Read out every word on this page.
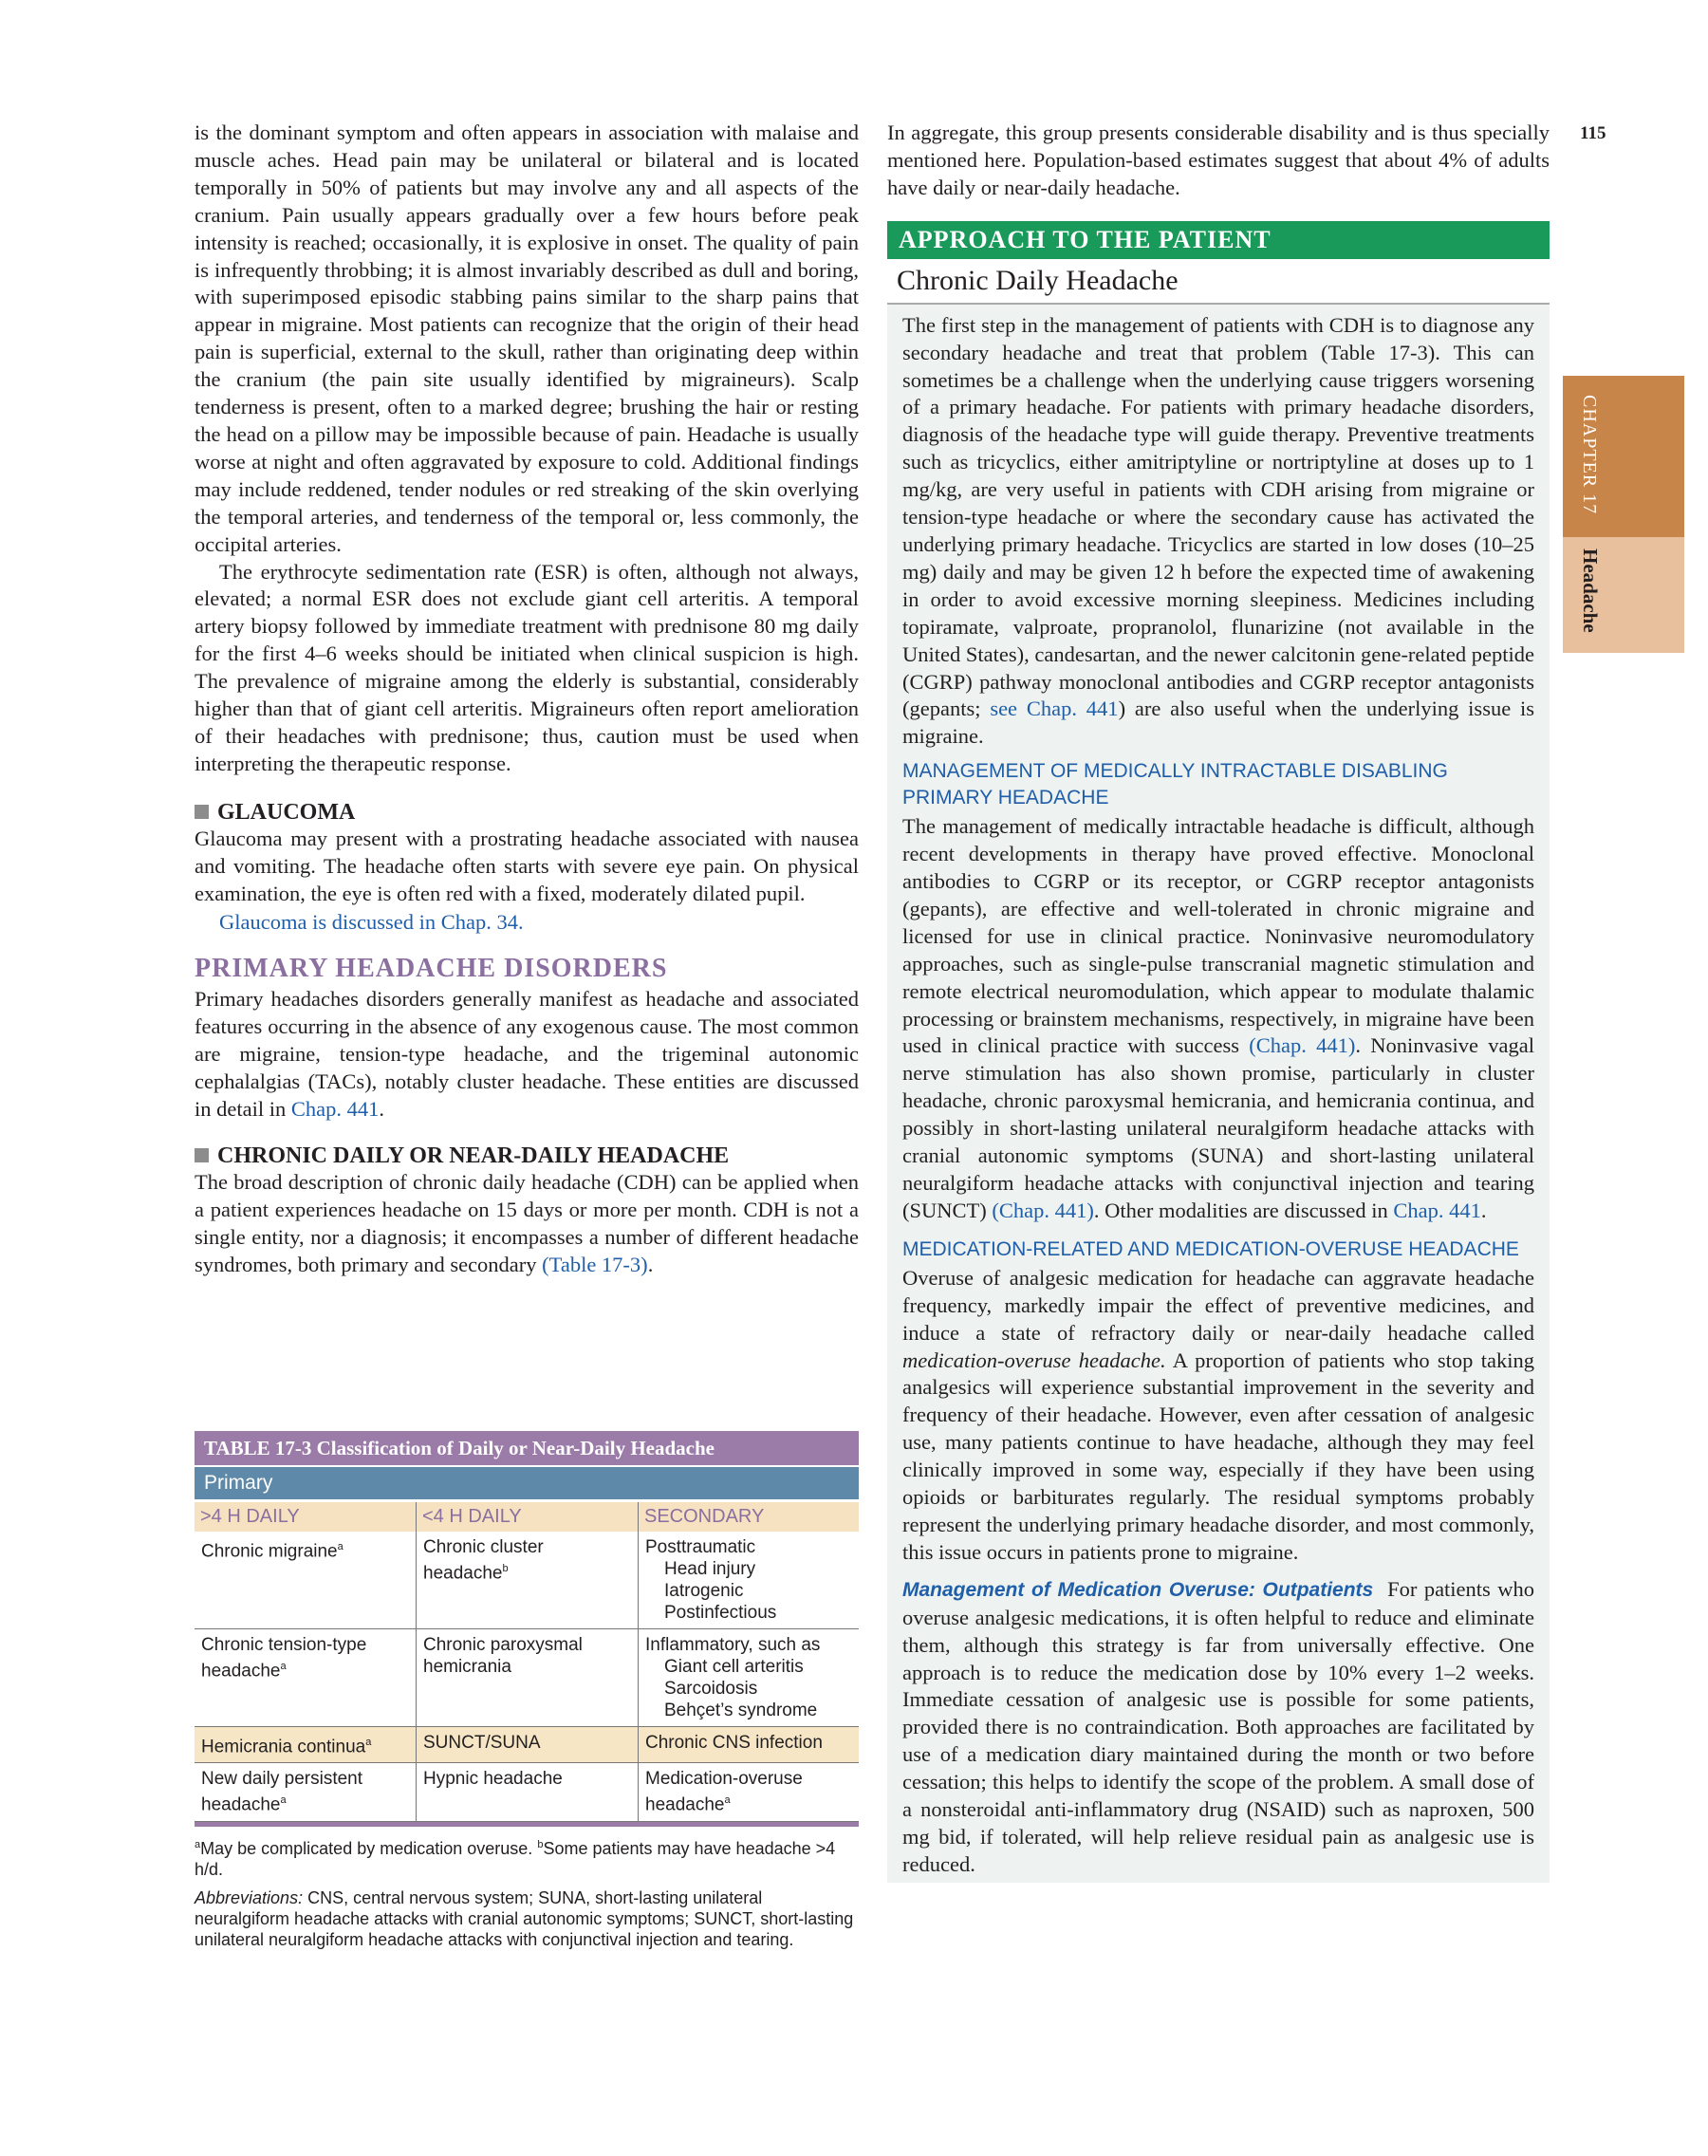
115
CHAPTER 17
Headache

is the dominant symptom and often appears in association with malaise and muscle aches. Head pain may be unilateral or bilateral and is located temporally in 50% of patients but may involve any and all aspects of the cranium. Pain usually appears gradually over a few hours before peak intensity is reached; occasionally, it is explosive in onset. The quality of pain is infrequently throbbing; it is almost invariably described as dull and boring, with superimposed episodic stabbing pains similar to the sharp pains that appear in migraine. Most patients can recognize that the origin of their head pain is superficial, external to the skull, rather than originating deep within the cranium (the pain site usually identified by migraineurs). Scalp tenderness is present, often to a marked degree; brushing the hair or resting the head on a pillow may be impossible because of pain. Headache is usually worse at night and often aggravated by exposure to cold. Additional findings may include reddened, tender nodules or red streaking of the skin overlying the temporal arteries, and tenderness of the temporal or, less commonly, the occipital arteries.

The erythrocyte sedimentation rate (ESR) is often, although not always, elevated; a normal ESR does not exclude giant cell arteritis. A temporal artery biopsy followed by immediate treatment with prednisone 80 mg daily for the first 4–6 weeks should be initiated when clinical suspicion is high. The prevalence of migraine among the elderly is substantial, considerably higher than that of giant cell arteritis. Migraineurs often report amelioration of their headaches with prednisone; thus, caution must be used when interpreting the therapeutic response.

GLAUCOMA

Glaucoma may present with a prostrating headache associated with nausea and vomiting. The headache often starts with severe eye pain. On physical examination, the eye is often red with a fixed, moderately dilated pupil.

Glaucoma is discussed in Chap. 34.
PRIMARY HEADACHE DISORDERS

Primary headaches disorders generally manifest as headache and associated features occurring in the absence of any exogenous cause. The most common are migraine, tension-type headache, and the trigeminal autonomic cephalalgias (TACs), notably cluster headache. These entities are discussed in detail in Chap. 441.

CHRONIC DAILY OR NEAR-DAILY HEADACHE

The broad description of chronic daily headache (CDH) can be applied when a patient experiences headache on 15 days or more per month. CDH is not a single entity, nor a diagnosis; it encompasses a number of different headache syndromes, both primary and secondary (Table 17-3).

TABLE 17-3 Classification of Daily or Near-Daily Headache
Primary
>4 H DAILY	<4 H DAILY	SECONDARY
Chronic migraine$^a$	Chronic cluster headache$^b$	Posttraumatic
Head injury
Iatrogenic
Postinfectious

Chronic tension-type headache$^a$	Chronic paroxysmal hemicrania	Inflammatory, such as
Giant cell arteritis
Sarcoidosis
Behçet’s syndrome

Hemicrania continua$^a$	SUNCT/SUNA	Chronic CNS infection
New daily persistent headache$^a$	Hypnic headache	Medication-overuse headache$^a$
$^a$May be complicated by medication overuse. $^b$Some patients may have headache >4 h/d.
Abbreviations: CNS, central nervous system; SUNA, short-lasting unilateral neuralgiform headache attacks with cranial autonomic symptoms; SUNCT, short-lasting unilateral neuralgiform headache attacks with conjunctival injection and tearing.

In aggregate, this group presents considerable disability and is thus specially mentioned here. Population-based estimates suggest that about 4% of adults have daily or near-daily headache.

APPROACH TO THE PATIENT
Chronic Daily Headache

The first step in the management of patients with CDH is to diagnose any secondary headache and treat that problem (Table 17-3). This can sometimes be a challenge when the underlying cause triggers worsening of a primary headache. For patients with primary headache disorders, diagnosis of the headache type will guide therapy. Preventive treatments such as tricyclics, either amitriptyline or nortriptyline at doses up to 1 mg/kg, are very useful in patients with CDH arising from migraine or tension-type headache or where the secondary cause has activated the underlying primary headache. Tricyclics are started in low doses (10–25 mg) daily and may be given 12 h before the expected time of awakening in order to avoid excessive morning sleepiness. Medicines including topiramate, valproate, propranolol, flunarizine (not available in the United States), candesartan, and the newer calcitonin gene-related peptide (CGRP) pathway monoclonal antibodies and CGRP receptor antagonists (gepants; see Chap. 441) are also useful when the underlying issue is migraine.

MANAGEMENT OF MEDICALLY INTRACTABLE DISABLING PRIMARY HEADACHE

The management of medically intractable headache is difficult, although recent developments in therapy have proved effective. Monoclonal antibodies to CGRP or its receptor, or CGRP receptor antagonists (gepants), are effective and well-tolerated in chronic migraine and licensed for use in clinical practice. Noninvasive neuromodulatory approaches, such as single-pulse transcranial magnetic stimulation and remote electrical neuromodulation, which appear to modulate thalamic processing or brainstem mechanisms, respectively, in migraine have been used in clinical practice with success (Chap. 441). Noninvasive vagal nerve stimulation has also shown promise, particularly in cluster headache, chronic paroxysmal hemicrania, and hemicrania continua, and possibly in short-lasting unilateral neuralgiform headache attacks with cranial autonomic symptoms (SUNA) and short-lasting unilateral neuralgiform headache attacks with conjunctival injection and tearing (SUNCT) (Chap. 441). Other modalities are discussed in Chap. 441.

MEDICATION-RELATED AND MEDICATION-OVERUSE HEADACHE

Overuse of analgesic medication for headache can aggravate headache frequency, markedly impair the effect of preventive medicines, and induce a state of refractory daily or near-daily headache called medication-overuse headache. A proportion of patients who stop taking analgesics will experience substantial improvement in the severity and frequency of their headache. However, even after cessation of analgesic use, many patients continue to have headache, although they may feel clinically improved in some way, especially if they have been using opioids or barbiturates regularly. The residual symptoms probably represent the underlying primary headache disorder, and most commonly, this issue occurs in patients prone to migraine.

Management of Medication Overuse: Outpatients For patients who overuse analgesic medications, it is often helpful to reduce and eliminate them, although this strategy is far from universally effective. One approach is to reduce the medication dose by 10% every 1–2 weeks. Immediate cessation of analgesic use is possible for some patients, provided there is no contraindication. Both approaches are facilitated by use of a medication diary maintained during the month or two before cessation; this helps to identify the scope of the problem. A small dose of a nonsteroidal anti-inflammatory drug (NSAID) such as naproxen, 500 mg bid, if tolerated, will help relieve residual pain as analgesic use is reduced.
